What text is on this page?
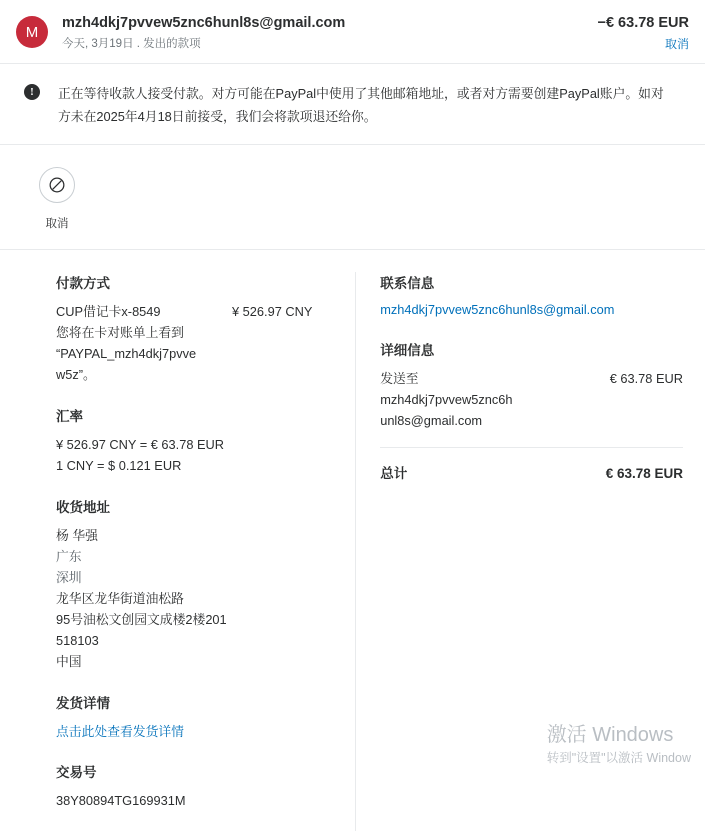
M
mzh4dkj7pvvew5znc6hunl8s@gmail.com
今天, 3月19日 . 发出的款项
−€ 63.78 EUR
取消
!	正在等待收款人接受付款。对方可能在PayPal中使用了其他邮箱地址，或者对方需要创建PayPal账户。如对方未在2025年4月18日前接受，我们会将款项退还给你。
取消
付款方式
CUP借记卡x-8549	¥ 526.97 CNY
您将在卡对账单上看到
“PAYPAL_mzh4dkj7pvve
w5z”。
汇率
¥ 526.97 CNY = € 63.78 EUR
1 CNY = $ 0.121 EUR
收货地址
杨 华强
广东
深圳
龙华区龙华街道油松路
95号油松文创园文成楼2楼201
518103
中国
发货详情
点击此处查看发货详情
交易号
38Y80894TG169931M
联系信息
mzh4dkj7pvvew5znc6hunl8s@gmail.com
详细信息
发送至	€ 63.78 EUR
mzh4dkj7pvvew5znc6h
unl8s@gmail.com
总计	€ 63.78 EUR
激活 Windows
转到"设置"以激活 Window
